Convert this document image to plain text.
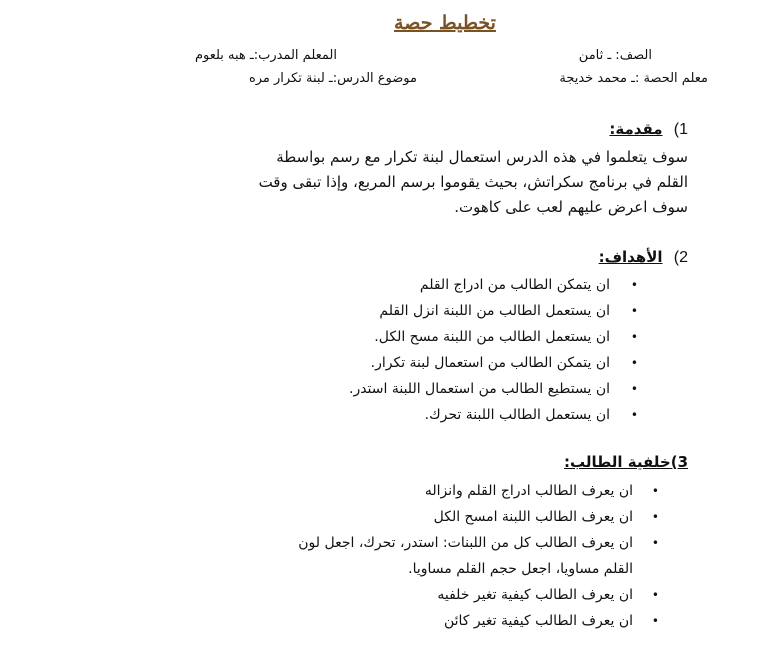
تخطيط حصة
الصف: ـ ثامن
المعلم المدرب:ـ هبه بلعوم
معلم الحصة :ـ محمد خديجة
موضوع الدرس:ـ لبنة تكرار مره
1) مقدمة:
سوف يتعلموا في هذه الدرس استعمال لبنة تكرار مع رسم بواسطة
القلم في برنامج سكراتش، بحيث يقوموا برسم المربع، وإذا تبقى وقت
سوف اعرض عليهم لعب على كاهوت.
2) الأهداف:
•
ان يتمكن الطالب من ادراج القلم
•
ان يستعمل الطالب من اللبنة انزل القلم
•
ان يستعمل الطالب من اللبنة مسح الكل.
•
ان يتمكن الطالب من استعمال لبنة تكرار.
•
ان يستطيع الطالب من استعمال اللبنة استدر.
•
ان يستعمل الطالب اللبنة تحرك.
3)خلفية الطالب:
•
ان يعرف الطالب ادراج القلم وانزاله
•
ان يعرف الطالب اللبنة امسح الكل
•
ان يعرف الطالب كل من اللبنات: استدر، تحرك، اجعل لون
القلم مساويا، اجعل حجم القلم مساويا.
•
ان يعرف الطالب كيفية تغير خلفيه
•
ان يعرف الطالب كيفية تغير كائن
